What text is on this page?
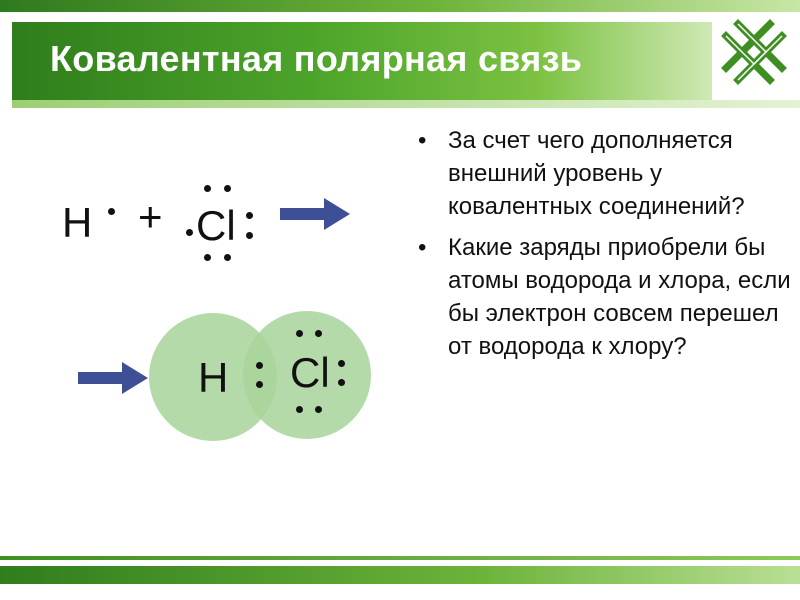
Ковалентная полярная связь
H + Cl
H Cl
• За счет чего дополняется внешний уровень у ковалентных соединений?
• Какие заряды приобрели бы атомы водорода и хлора, если бы электрон совсем перешел от водорода к хлору?
